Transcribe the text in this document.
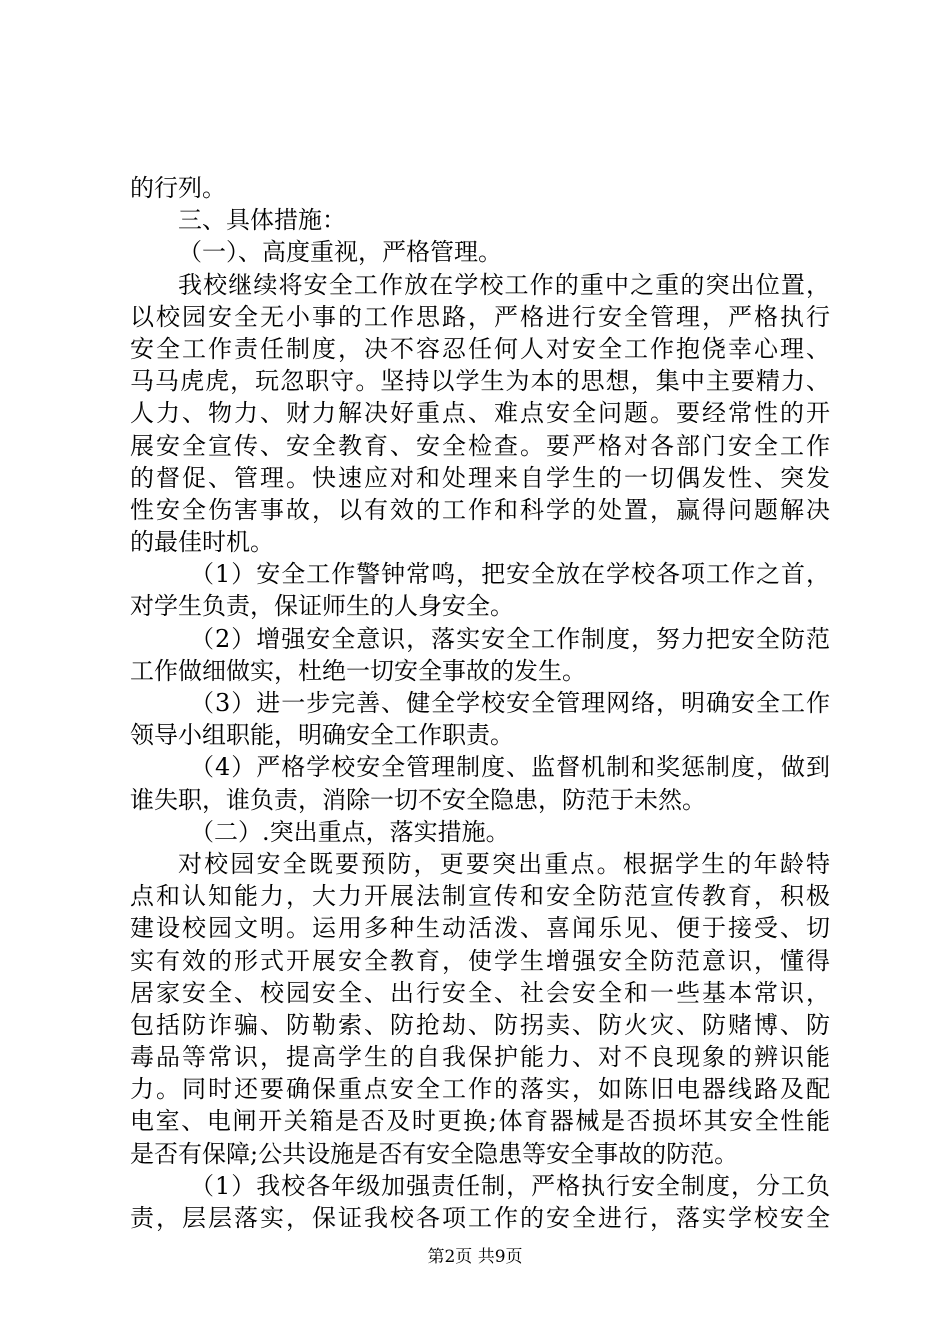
的行列。
三、具体措施：
（一）、高度重视，严格管理。
我校继续将安全工作放在学校工作的重中之重的突出位置，
以校园安全无小事的工作思路，严格进行安全管理，严格执行
安全工作责任制度，决不容忍任何人对安全工作抱侥幸心理、
马马虎虎，玩忽职守。坚持以学生为本的思想，集中主要精力、
人力、物力、财力解决好重点、难点安全问题。要经常性的开
展安全宣传、安全教育、安全检查。要严格对各部门安全工作
的督促、管理。快速应对和处理来自学生的一切偶发性、突发
性安全伤害事故，以有效的工作和科学的处置，赢得问题解决
的最佳时机。
（1）安全工作警钟常鸣，把安全放在学校各项工作之首，
对学生负责，保证师生的人身安全。
（2）增强安全意识，落实安全工作制度，努力把安全防范
工作做细做实，杜绝一切安全事故的发生。
（3）进一步完善、健全学校安全管理网络，明确安全工作
领导小组职能，明确安全工作职责。
（4）严格学校安全管理制度、监督机制和奖惩制度，做到
谁失职，谁负责，消除一切不安全隐患，防范于未然。
（二）.突出重点，落实措施。
对校园安全既要预防，更要突出重点。根据学生的年龄特
点和认知能力，大力开展法制宣传和安全防范宣传教育，积极
建设校园文明。运用多种生动活泼、喜闻乐见、便于接受、切
实有效的形式开展安全教育，使学生增强安全防范意识，懂得
居家安全、校园安全、出行安全、社会安全和一些基本常识，
包括防诈骗、防勒索、防抢劫、防拐卖、防火灾、防赌博、防
毒品等常识，提高学生的自我保护能力、对不良现象的辨识能
力。同时还要确保重点安全工作的落实，如陈旧电器线路及配
电室、电闸开关箱是否及时更换;体育器械是否损坏其安全性能
是否有保障;公共设施是否有安全隐患等安全事故的防范。
（1）我校各年级加强责任制，严格执行安全制度，分工负
责，层层落实，保证我校各项工作的安全进行，落实学校安全
第2页 共9页
